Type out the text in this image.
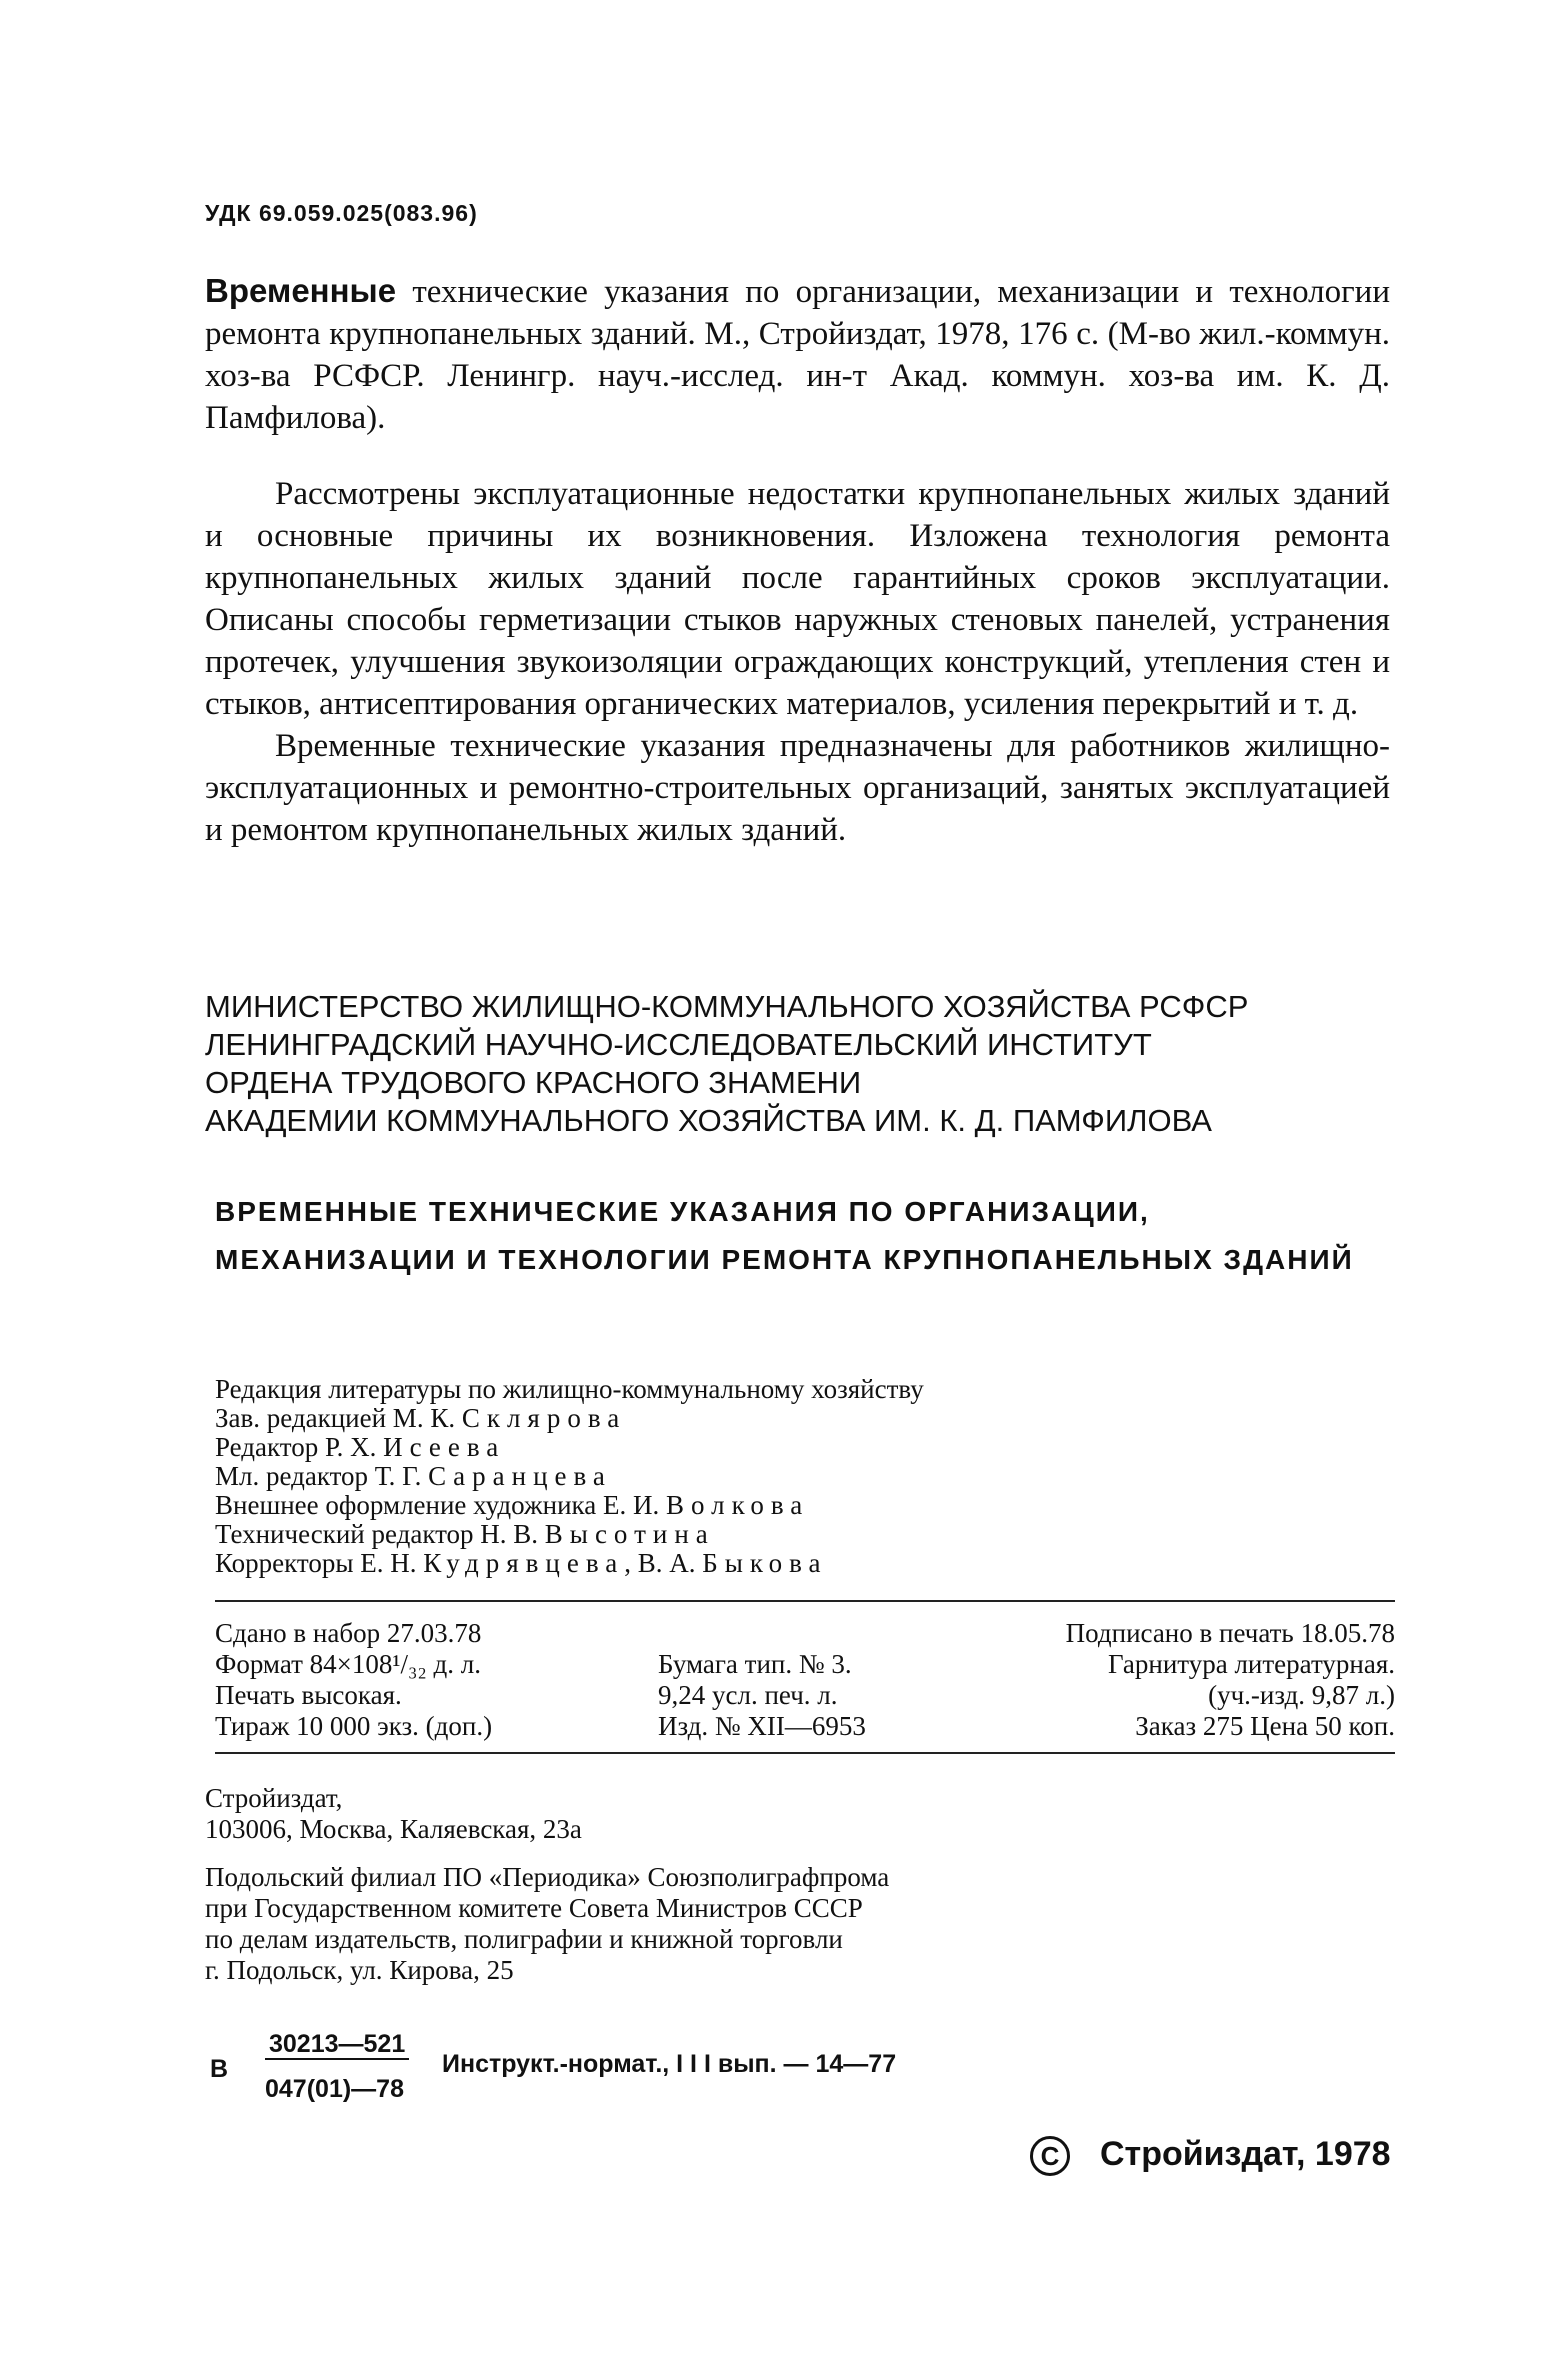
УДК 69.059.025(083.96)
Временные технические указания по организации, механизации и технологии ремонта крупнопанельных зданий. М., Стройиздат, 1978, 176 с. (М-во жил.-коммун. хоз-ва РСФСР. Ленингр. науч.-исслед. ин-т Акад. коммун. хоз-ва им. К. Д. Памфилова).
Рассмотрены эксплуатационные недостатки крупнопанельных жилых зданий и основные причины их возникновения. Изложена технология ремонта крупнопанельных жилых зданий после гарантийных сроков эксплуатации. Описаны способы герметизации стыков наружных стеновых панелей, устранения протечек, улучшения звукоизоляции ограждающих конструкций, утепления стен и стыков, антисептирования органических материалов, усиления перекрытий и т. д.
Временные технические указания предназначены для работников жилищно-эксплуатационных и ремонтно-строительных организаций, занятых эксплуатацией и ремонтом крупнопанельных жилых зданий.
МИНИСТЕРСТВО ЖИЛИЩНО-КОММУНАЛЬНОГО ХОЗЯЙСТВА РСФСР
ЛЕНИНГРАДСКИЙ НАУЧНО-ИССЛЕДОВАТЕЛЬСКИЙ ИНСТИТУТ
ОРДЕНА ТРУДОВОГО КРАСНОГО ЗНАМЕНИ
АКАДЕМИИ КОММУНАЛЬНОГО ХОЗЯЙСТВА ИМ. К. Д. ПАМФИЛОВА
ВРЕМЕННЫЕ ТЕХНИЧЕСКИЕ УКАЗАНИЯ ПО ОРГАНИЗАЦИИ, МЕХАНИЗАЦИИ И ТЕХНОЛОГИИ РЕМОНТА КРУПНОПАНЕЛЬНЫХ ЗДАНИЙ
Редакция литературы по жилищно-коммунальному хозяйству
Зав. редакцией М. К. Склярова
Редактор Р. Х. Исеева
Мл. редактор Т. Г. Саранцева
Внешнее оформление художника Е. И. Волкова
Технический редактор Н. В. Высотина
Корректоры Е. Н. Кудрявцева, В. А. Быкова
Сдано в набор 27.03.78
Формат 84×108¹/₃₂ д. л.
Печать высокая.
Тираж 10 000 экз. (доп.)
Бумага тип. № 3.
9,24 усл. печ. л.
Изд. № XII—6953
Подписано в печать 18.05.78
Гарнитура литературная.
(уч.-изд. 9,87 л.)
Заказ 275 Цена 50 коп.
Стройиздат,
103006, Москва, Каляевская, 23а
Подольский филиал ПО «Периодика» Союзполиграфпрома
при Государственном комитете Совета Министров СССР
по делам издательств, полиграфии и книжной торговли
г. Подольск, ул. Кирова, 25
В
30213—521
047(01)—78
Инструкт.-нормат., I I I вып. — 14—77
C Стройиздат, 1978
